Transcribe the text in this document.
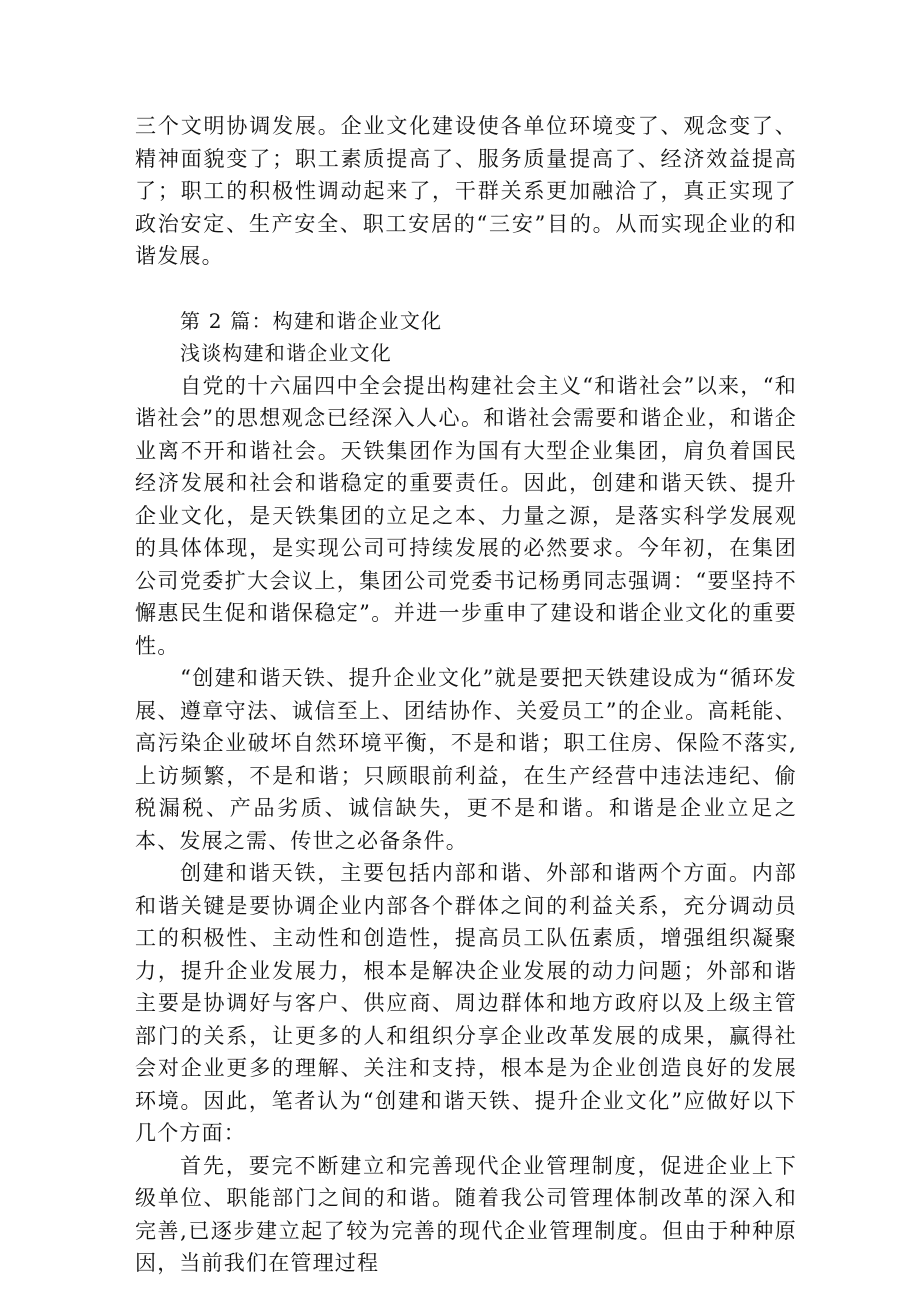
三个文明协调发展。企业文化建设使各单位环境变了、观念变了、精神面貌变了；职工素质提高了、服务质量提高了、经济效益提高了；职工的积极性调动起来了，干群关系更加融洽了，真正实现了政治安定、生产安全、职工安居的“三安”目的。从而实现企业的和谐发展。

第 2 篇：构建和谐企业文化

浅谈构建和谐企业文化

自党的十六届四中全会提出构建社会主义“和谐社会”以来，“和谐社会”的思想观念已经深入人心。和谐社会需要和谐企业，和谐企业离不开和谐社会。天铁集团作为国有大型企业集团，肩负着国民经济发展和社会和谐稳定的重要责任。因此，创建和谐天铁、提升企业文化，是天铁集团的立足之本、力量之源，是落实科学发展观的具体体现，是实现公司可持续发展的必然要求。今年初，在集团公司党委扩大会议上，集团公司党委书记杨勇同志强调：“要坚持不懈惠民生促和谐保稳定”。并进一步重申了建设和谐企业文化的重要性。

“创建和谐天铁、提升企业文化”就是要把天铁建设成为“循环发展、遵章守法、诚信至上、团结协作、关爱员工”的企业。高耗能、高污染企业破坏自然环境平衡，不是和谐；职工住房、保险不落实,上访频繁，不是和谐；只顾眼前利益，在生产经营中违法违纪、偷税漏税、产品劣质、诚信缺失，更不是和谐。和谐是企业立足之本、发展之需、传世之必备条件。

创建和谐天铁，主要包括内部和谐、外部和谐两个方面。内部和谐关键是要协调企业内部各个群体之间的利益关系，充分调动员工的积极性、主动性和创造性，提高员工队伍素质，增强组织凝聚力，提升企业发展力，根本是解决企业发展的动力问题；外部和谐主要是协调好与客户、供应商、周边群体和地方政府以及上级主管部门的关系，让更多的人和组织分享企业改革发展的成果，赢得社会对企业更多的理解、关注和支持，根本是为企业创造良好的发展环境。因此，笔者认为“创建和谐天铁、提升企业文化”应做好以下几个方面：

首先，要完不断建立和完善现代企业管理制度，促进企业上下级单位、职能部门之间的和谐。随着我公司管理体制改革的深入和完善,已逐步建立起了较为完善的现代企业管理制度。但由于种种原因，当前我们在管理过程
